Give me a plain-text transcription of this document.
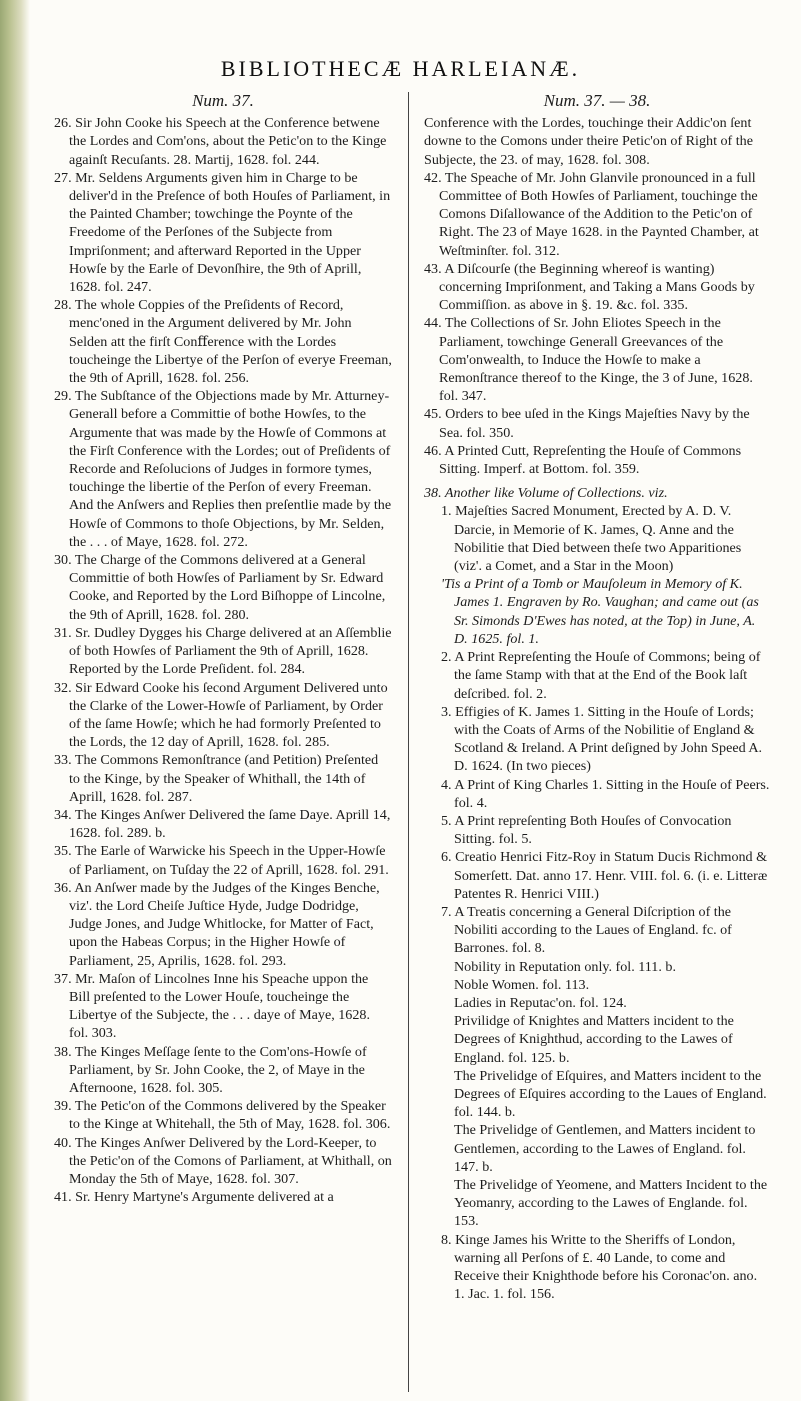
BIBLIOTHECÆ HARLEIANÆ.
Num. 37.

26. Sir John Cooke his Speech at the Conference betwene the Lordes and Com'ons, about the Petic'on to the Kinge againſt Recuſants. 28. Martij, 1628. fol. 244.

27. Mr. Seldens Arguments given him in Charge to be deliver'd in the Preſence of both Houſes of Parliament, in the Painted Chamber; towchinge the Poynte of the Freedome of the Perſones of the Subjecte from Impriſonment; and afterward Reported in the Upper Howſe by the Earle of Devonſhire, the 9th of Aprill, 1628. fol. 247.

28. The whole Coppies of the Preſidents of Record, menc'oned in the Argument delivered by Mr. John Selden att the firſt Conﬀerence with the Lordes toucheinge the Libertye of the Perſon of everye Freeman, the 9th of Aprill, 1628. fol. 256.

29. The Subſtance of the Objections made by Mr. Atturney-Generall before a Committie of bothe Howſes, to the Argumente that was made by the Howſe of Commons at the Firſt Conference with the Lordes; out of Preſidents of Recorde and Reſolucions of Judges in formore tymes, touchinge the libertie of the Perſon of every Freeman. And the Anſwers and Replies then preſentlie made by the Howſe of Commons to thoſe Objections, by Mr. Selden, the . . . of Maye, 1628. fol. 272.

30. The Charge of the Commons delivered at a General Committie of both Howſes of Parliament by Sr. Edward Cooke, and Reported by the Lord Biſhoppe of Lincolne, the 9th of Aprill, 1628. fol. 280.

31. Sr. Dudley Dygges his Charge delivered at an Aſſemblie of both Howſes of Parliament the 9th of Aprill, 1628. Reported by the Lorde Preſident. fol. 284.

32. Sir Edward Cooke his ſecond Argument Delivered unto the Clarke of the Lower-Howſe of Parliament, by Order of the ſame Howſe; which he had formorly Preſented to the Lords, the 12 day of Aprill, 1628. fol. 285.

33. The Commons Remonſtrance (and Petition) Preſented to the Kinge, by the Speaker of Whithall, the 14th of Aprill, 1628. fol. 287.

34. The Kinges Anſwer Delivered the ſame Daye. Aprill 14, 1628. fol. 289. b.

35. The Earle of Warwicke his Speech in the Upper-Howſe of Parliament, on Tuſday the 22 of Aprill, 1628. fol. 291.

36. An Anſwer made by the Judges of the Kinges Benche, viz'. the Lord Cheiſe Juſtice Hyde, Judge Dodridge, Judge Jones, and Judge Whitlocke, for Matter of Fact, upon the Habeas Corpus; in the Higher Howſe of Parliament, 25, Aprilis, 1628. fol. 293.

37. Mr. Maſon of Lincolnes Inne his Speache uppon the Bill preſented to the Lower Houſe, toucheinge the Libertye of the Subjecte, the . . . daye of Maye, 1628. fol. 303.

38. The Kinges Meſſage ſente to the Com'ons-Howſe of Parliament, by Sr. John Cooke, the 2, of Maye in the Afternoone, 1628. fol. 305.

39. The Petic'on of the Commons delivered by the Speaker to the Kinge at Whitehall, the 5th of May, 1628. fol. 306.

40. The Kinges Anſwer Delivered by the Lord-Keeper, to the Petic'on of the Comons of Parliament, at Whithall, on Monday the 5th of Maye, 1628. fol. 307.

41. Sr. Henry Martyne's Argumente delivered at a

Num. 37. — 38.

Conference with the Lordes, touchinge their Addic'on ſent downe to the Comons under theire Petic'on of Right of the Subjecte, the 23. of may, 1628. fol. 308.

42. The Speache of Mr. John Glanvile pronounced in a full Committee of Both Howſes of Parliament, touchinge the Comons Diſallowance of the Addition to the Petic'on of Right. The 23 of Maye 1628. in the Paynted Chamber, at Weſtminſter. fol. 312.

43. A Diſcourſe (the Beginning whereof is wanting) concerning Impriſonment, and Taking a Mans Goods by Commiſſion. as above in §. 19. &c. fol. 335.

44. The Collections of Sr. John Eliotes Speech in the Parliament, towchinge Generall Greevances of the Com'onwealth, to Induce the Howſe to make a Remonſtrance thereof to the Kinge, the 3 of June, 1628. fol. 347.

45. Orders to bee uſed in the Kings Majeſties Navy by the Sea. fol. 350.

46. A Printed Cutt, Repreſenting the Houſe of Commons Sitting. Imperf. at Bottom. fol. 359.

38. Another like Volume of Collections. viz.

1. Majeſties Sacred Monument, Erected by A. D. V. Darcie, in Memorie of K. James, Q. Anne and the Nobilitie that Died between theſe two Apparitiones (viz'. a Comet, and a Star in the Moon)

'Tis a Print of a Tomb or Mauſoleum in Memory of K. James 1. Engraven by Ro. Vaughan; and came out (as Sr. Simonds D'Ewes has noted, at the Top) in June, A. D. 1625. fol. 1.

2. A Print Repreſenting the Houſe of Commons; being of the ſame Stamp with that at the End of the Book laſt deſcribed. fol. 2.

3. Effigies of K. James 1. Sitting in the Houſe of Lords; with the Coats of Arms of the Nobilitie of England & Scotland & Ireland. A Print deſigned by John Speed A. D. 1624. (In two pieces)

4. A Print of King Charles 1. Sitting in the Houſe of Peers. fol. 4.

5. A Print repreſenting Both Houſes of Convocation Sitting. fol. 5.

6. Creatio Henrici Fitz-Roy in Statum Ducis Richmond & Somerſett. Dat. anno 17. Henr. VIII. fol. 6. (i. e. Litteræ Patentes R. Henrici VIII.)

7. A Treatis concerning a General Diſcription of the Nobiliti according to the Laues of England. fc. of Barrones. fol. 8.

Nobility in Reputation only. fol. 111. b.

Noble Women. fol. 113.

Ladies in Reputac'on. fol. 124.

Privilidge of Knightes and Matters incident to the Degrees of Knighthud, according to the Lawes of England. fol. 125. b.

The Privelidge of Eſquires, and Matters incident to the Degrees of Eſquires according to the Laues of England. fol. 144. b.

The Privelidge of Gentlemen, and Matters incident to Gentlemen, according to the Lawes of England. fol. 147. b.

The Privelidge of Yeomene, and Matters Incident to the Yeomanry, according to the Lawes of Englande. fol. 153.

8. Kinge James his Writte to the Sheriffs of London, warning all Perſons of £. 40 Lande, to come and Receive their Knighthode before his Coronac'on. ano. 1. Jac. 1. fol. 156.
